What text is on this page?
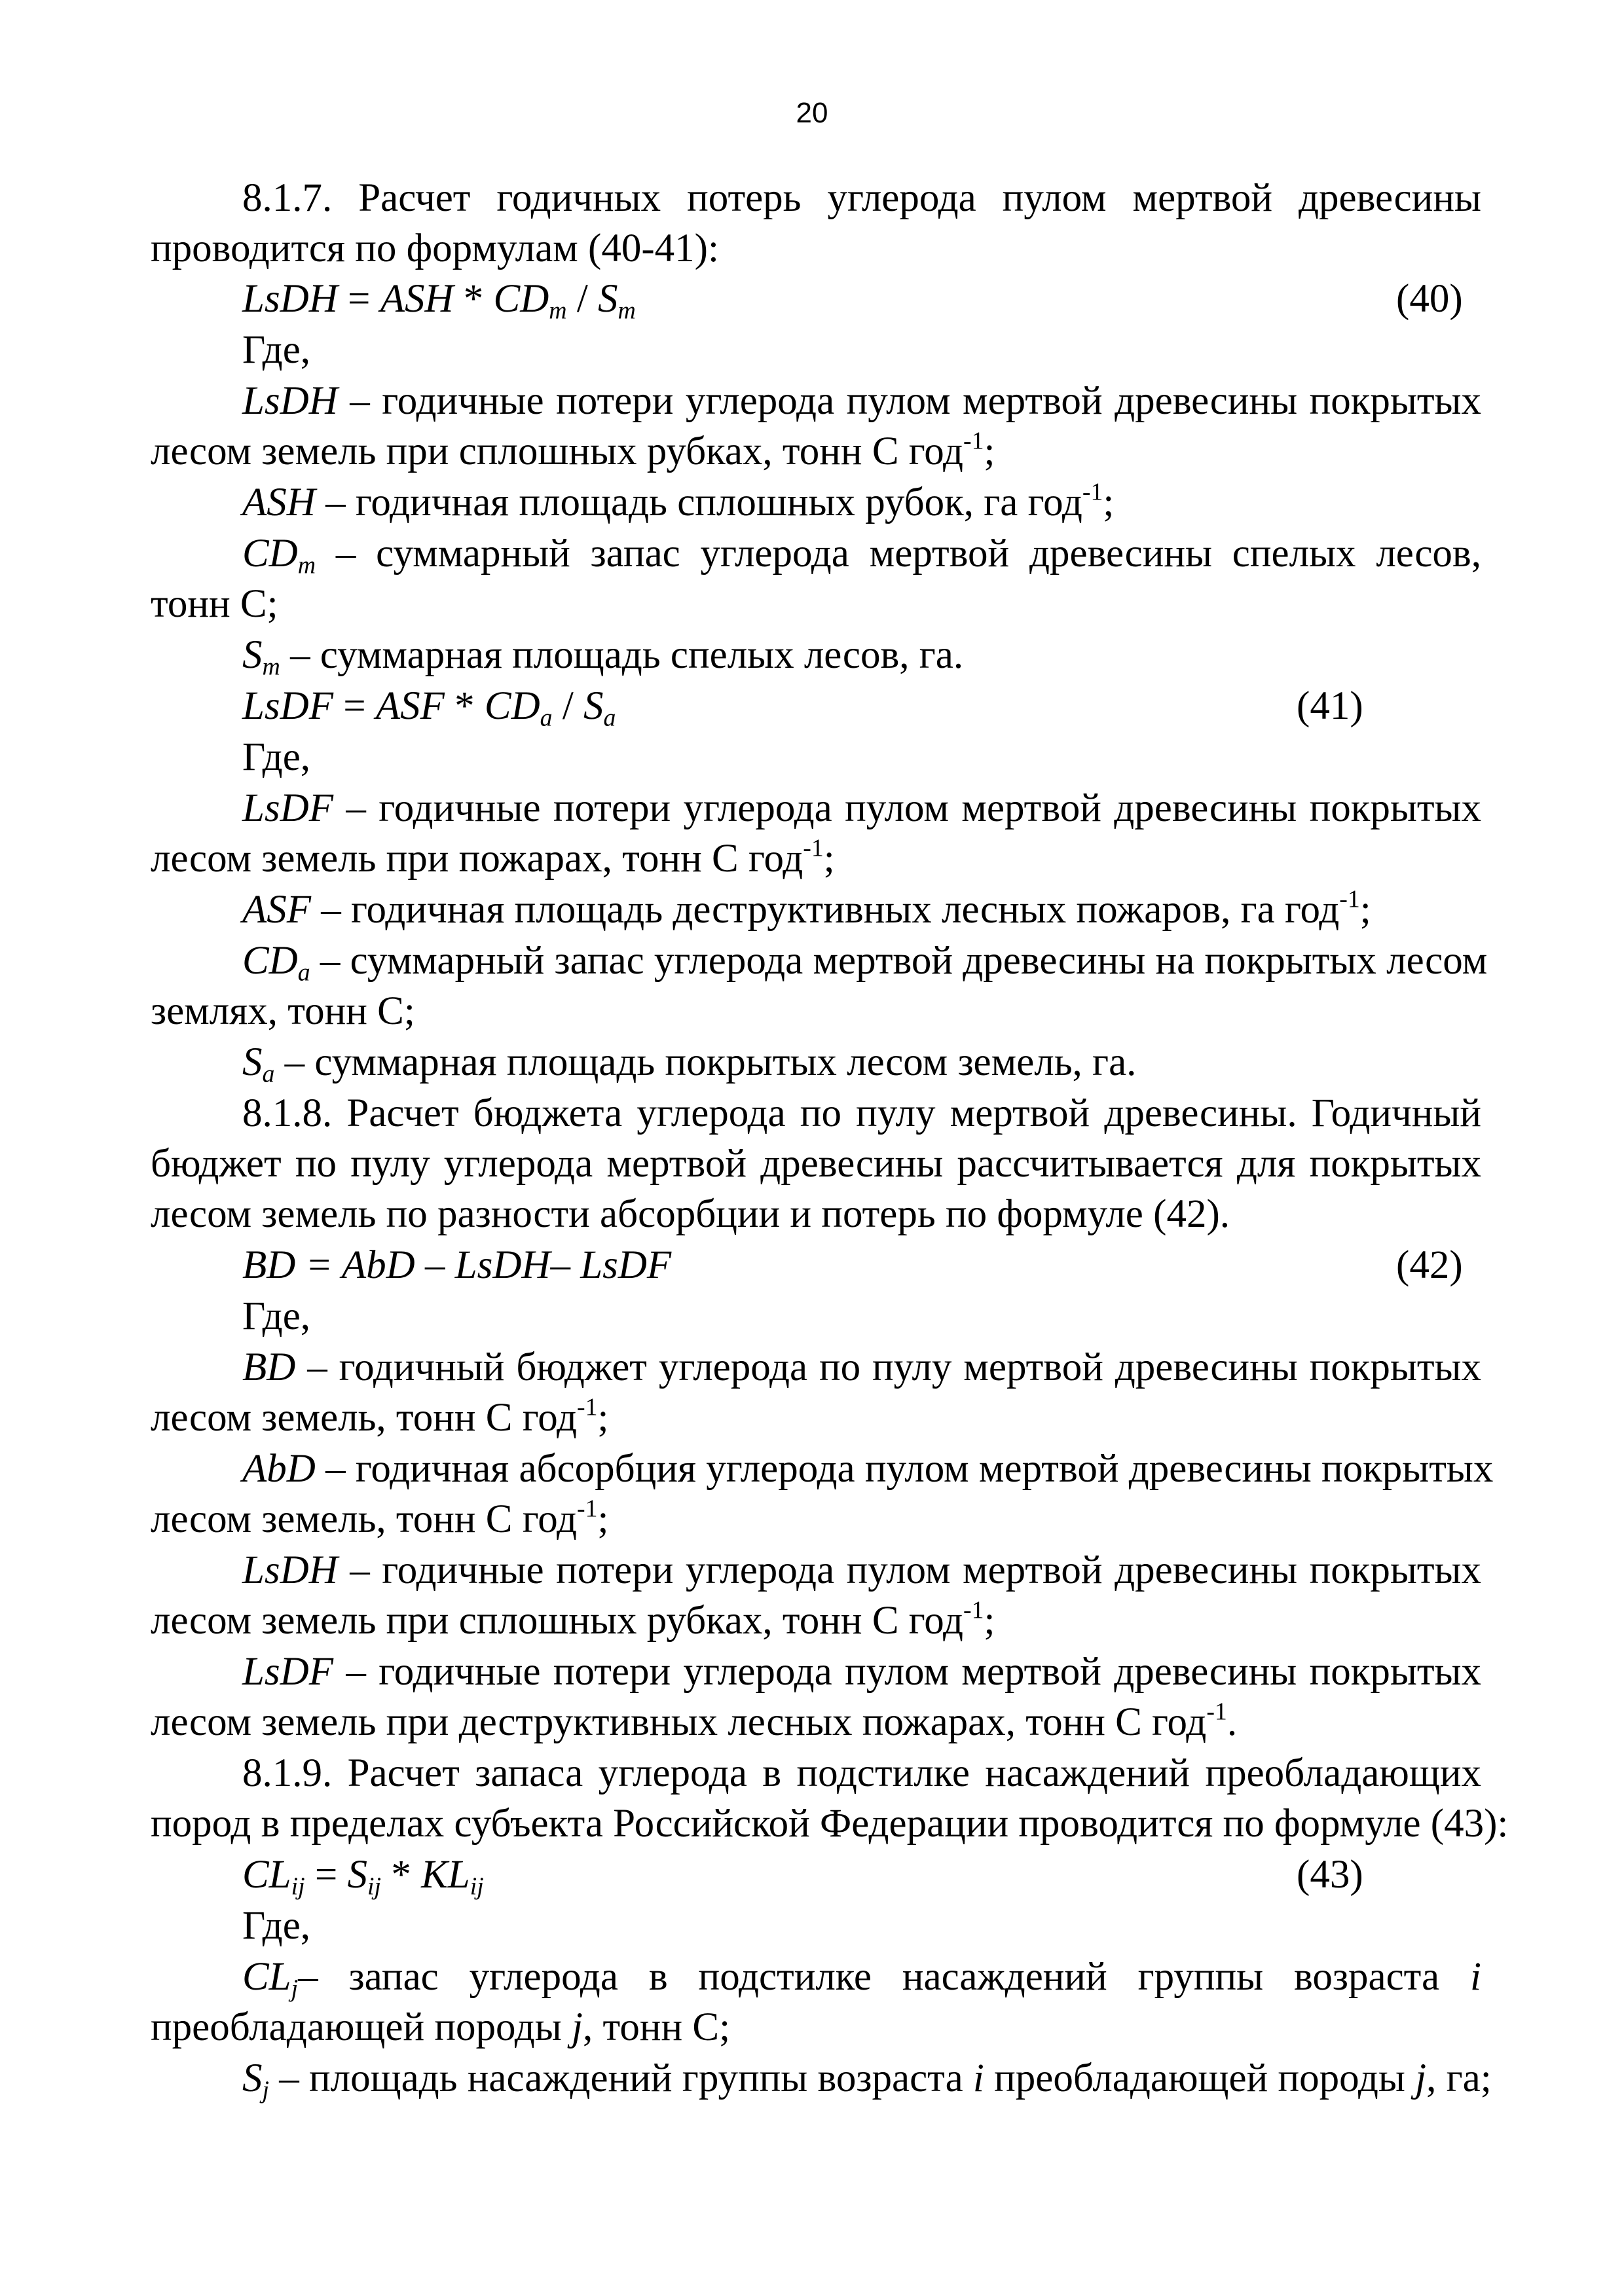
20
8.1.7. Расчет годичных потерь углерода пулом мертвой древесины
проводится по формулам (40-41):
LsDH = ASH * $CD_m / S_m$	(40)
Где,
LsDH – годичные потери углерода пулом мертвой древесины покрытых
лесом земель при сплошных рубках, тонн С год$^{-1}$;
ASH – годичная площадь сплошных рубок, га год$^{-1}$;
$CD_m$ – суммарный запас углерода мертвой древесины спелых лесов,
тонн С;
$S_m$ – суммарная площадь спелых лесов, га.
LsDF = ASF * $CD_a / S_a$	(41)
Где,
LsDF – годичные потери углерода пулом мертвой древесины покрытых
лесом земель при пожарах, тонн С год$^{-1}$;
ASF – годичная площадь деструктивных лесных пожаров, га год$^{-1}$;
$CD_a$ – суммарный запас углерода мертвой древесины на покрытых лесом
землях, тонн С;
$S_a$ – суммарная площадь покрытых лесом земель, га.
8.1.8. Расчет бюджета углерода по пулу мертвой древесины. Годичный
бюджет по пулу углерода мертвой древесины рассчитывается для покрытых
лесом земель по разности абсорбции и потерь по формуле (42).
BD = AbD – LsDH– LsDF	(42)
Где,
BD – годичный бюджет углерода по пулу мертвой древесины покрытых
лесом земель, тонн С год$^{-1}$;
AbD – годичная абсорбция углерода пулом мертвой древесины покрытых
лесом земель, тонн С год$^{-1}$;
LsDH – годичные потери углерода пулом мертвой древесины покрытых
лесом земель при сплошных рубках, тонн С год$^{-1}$;
LsDF – годичные потери углерода пулом мертвой древесины покрытых
лесом земель при деструктивных лесных пожарах, тонн С год$^{-1}$.
8.1.9. Расчет запаса углерода в подстилке насаждений преобладающих
пород в пределах субъекта Российской Федерации проводится по формуле (43):
$CL_{ij} = S_{ij} * KL_{ij}$	(43)
Где,
$CL_j-$ запас углерода в подстилке насаждений группы возраста i
преобладающей породы j, тонн С;
$S_j$ – площадь насаждений группы возраста i преобладающей породы j, га;
